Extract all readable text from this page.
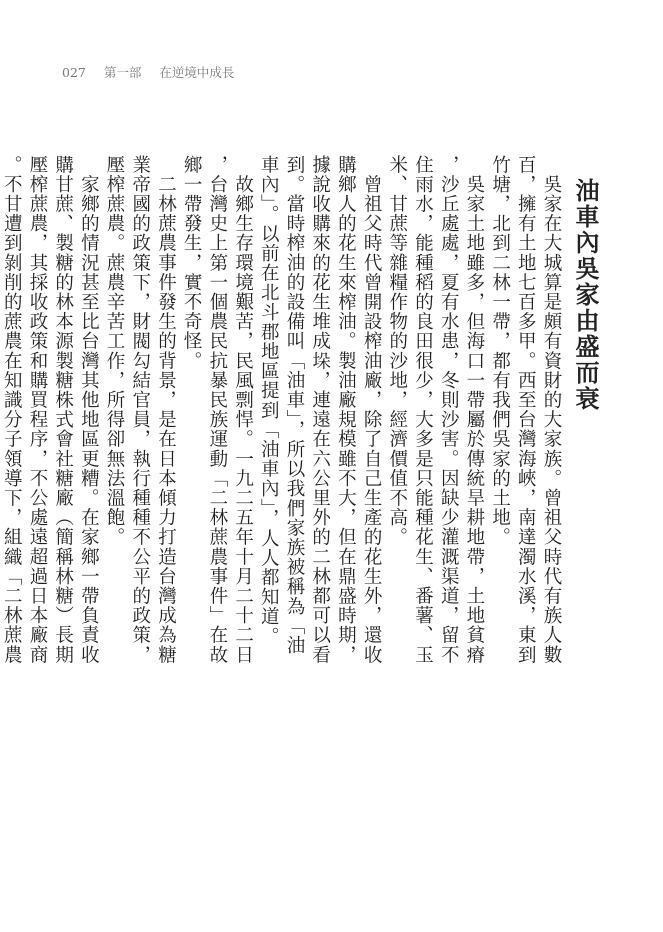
027 第一部 在逆境中成長
油車內吳家由盛而衰
　吳家在大城算是頗有資財的大家族。曾祖父時代有族人數
百，擁有土地七百多甲。西至台灣海峽，南達濁水溪，東到
竹塘，北到二林一帶，都有我們吳家的土地。
　吳家土地雖多，但海口一帶屬於傳統旱耕地帶，土地貧瘠
，沙丘處處，夏有水患，冬則沙害。因缺少灌溉渠道，留不
住雨水，能種稻的良田很少，大多是只能種花生、番薯、玉
米、甘蔗等雜糧作物的沙地，經濟價值不高。
　曾祖父時代曾開設榨油廠，除了自己生產的花生外，還收
購鄉人的花生來榨油。製油廠規模雖不大，但在鼎盛時期，
據說收購來的花生堆成垛，連遠在六公里外的二林都可以看
到。當時榨油的設備叫「油車」，所以我們家族被稱為「油
車內」。以前在北斗郡地區提到「油車內」，人人都知道。
　故鄉生存環境艱苦，民風剽悍。一九二五年十月二十二日
，台灣史上第一個農民抗暴民族運動「二林蔗農事件」在故
鄉一帶發生，實不奇怪。
　二林蔗農事件發生的背景，是在日本傾力打造台灣成為糖
業帝國的政策下，財閥勾結官員，執行種種不公平的政策，
壓榨蔗農。蔗農辛苦工作，所得卻無法溫飽。
　家鄉的情況甚至比台灣其他地區更糟。在家鄉一帶負責收
購甘蔗、製糖的林本源製糖株式會社糖廠（簡稱林糖）長期
壓榨蔗農，其採收政策和購買程序，不公處遠超過日本廠商
。不甘遭到剝削的蔗農在知識分子領導下，組織「二林蔗農
